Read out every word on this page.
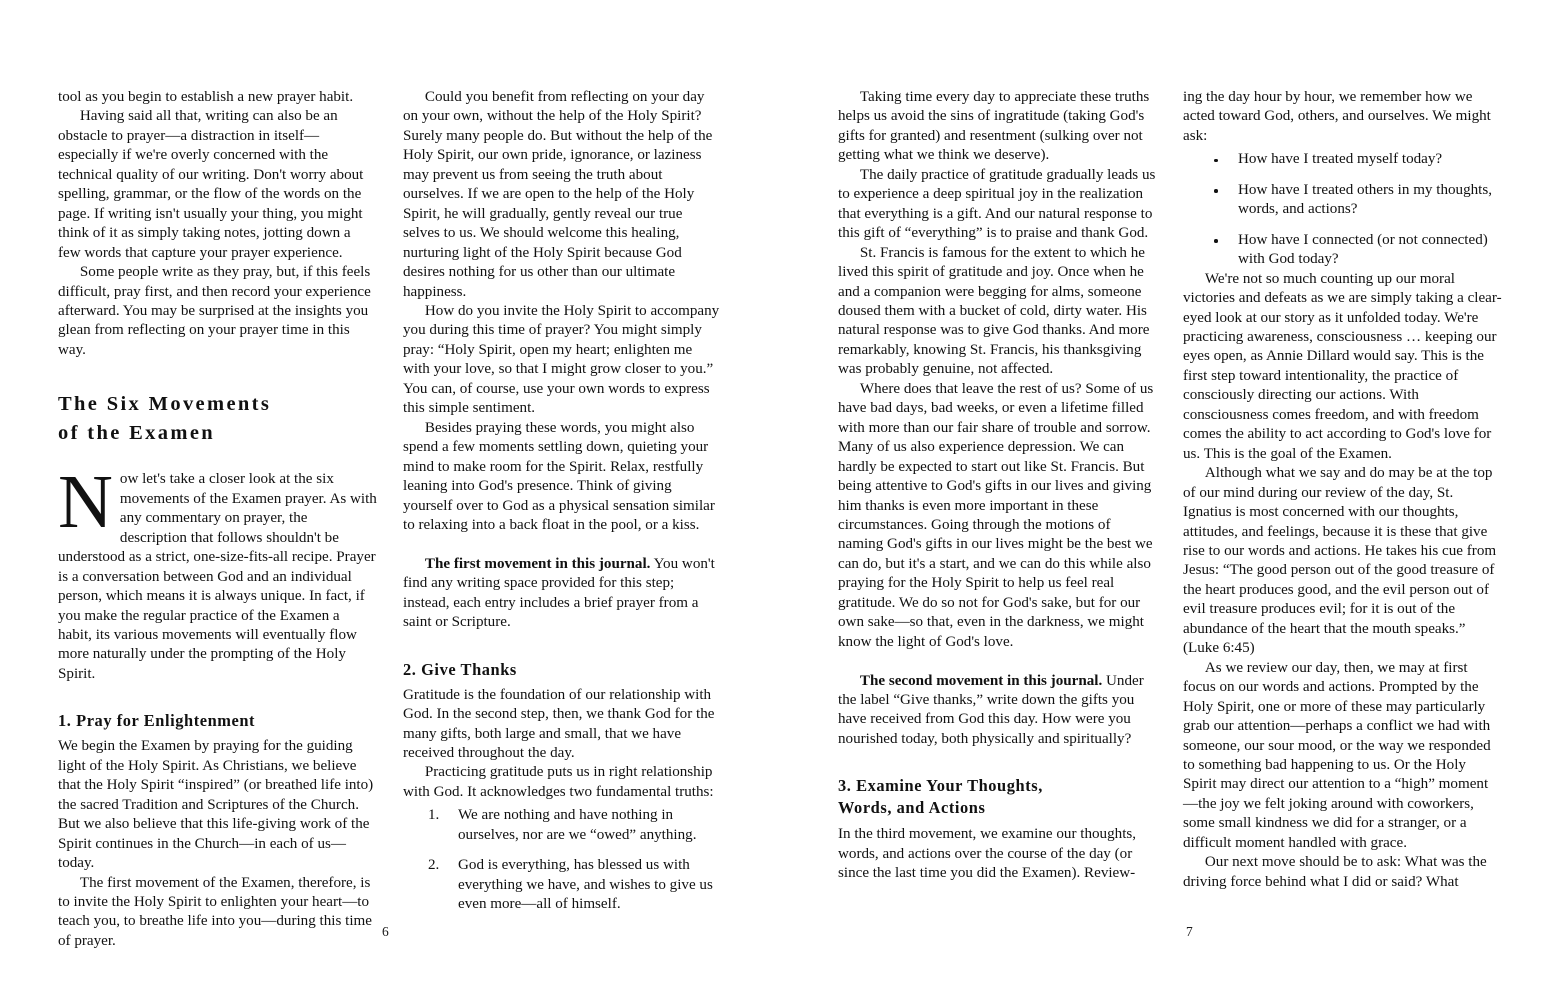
tool as you begin to establish a new prayer habit.

Having said all that, writing can also be an obstacle to prayer—a distraction in itself—especially if we're overly concerned with the technical quality of our writing. Don't worry about spelling, grammar, or the flow of the words on the page. If writing isn't usually your thing, you might think of it as simply taking notes, jotting down a few words that capture your prayer experience.

Some people write as they pray, but, if this feels difficult, pray first, and then record your experience afterward. You may be surprised at the insights you glean from reflecting on your prayer time in this way.

The Six Movements
of the Examen

Now let's take a closer look at the six movements of the Examen prayer. As with any commentary on prayer, the description that follows shouldn't be understood as a strict, one-size-fits-all recipe. Prayer is a conversation between God and an individual person, which means it is always unique. In fact, if you make the regular practice of the Examen a habit, its various movements will eventually flow more naturally under the prompting of the Holy Spirit.

1. Pray for Enlightenment

We begin the Examen by praying for the guiding light of the Holy Spirit. As Christians, we believe that the Holy Spirit “inspired” (or breathed life into) the sacred Tradition and Scriptures of the Church. But we also believe that this life-giving work of the Spirit continues in the Church—in each of us—today.

The first movement of the Examen, therefore, is to invite the Holy Spirit to enlighten your heart—to teach you, to breathe life into you—during this time of prayer.

Could you benefit from reflecting on your day on your own, without the help of the Holy Spirit? Surely many people do. But without the help of the Holy Spirit, our own pride, ignorance, or laziness may prevent us from seeing the truth about ourselves. If we are open to the help of the Holy Spirit, he will gradually, gently reveal our true selves to us. We should welcome this healing, nurturing light of the Holy Spirit because God desires nothing for us other than our ultimate happiness.

How do you invite the Holy Spirit to accompany you during this time of prayer? You might simply pray: “Holy Spirit, open my heart; enlighten me with your love, so that I might grow closer to you.” You can, of course, use your own words to express this simple sentiment.

Besides praying these words, you might also spend a few moments settling down, quieting your mind to make room for the Spirit. Relax, restfully leaning into God's presence. Think of giving yourself over to God as a physical sensation similar to relaxing into a back float in the pool, or a kiss.

The first movement in this journal. You won't find any writing space provided for this step; instead, each entry includes a brief prayer from a saint or Scripture.

2. Give Thanks

Gratitude is the foundation of our relationship with God. In the second step, then, we thank God for the many gifts, both large and small, that we have received throughout the day.

Practicing gratitude puts us in right relationship with God. It acknowledges two fundamental truths:

We are nothing and have nothing in ourselves, nor are we “owed” anything.
God is everything, has blessed us with everything we have, and wishes to give us even more—all of himself.
6

Taking time every day to appreciate these truths helps us avoid the sins of ingratitude (taking God's gifts for granted) and resentment (sulking over not getting what we think we deserve).

The daily practice of gratitude gradually leads us to experience a deep spiritual joy in the realization that everything is a gift. And our natural response to this gift of “everything” is to praise and thank God.

St. Francis is famous for the extent to which he lived this spirit of gratitude and joy. Once when he and a companion were begging for alms, someone doused them with a bucket of cold, dirty water. His natural response was to give God thanks. And more remarkably, knowing St. Francis, his thanksgiving was probably genuine, not affected.

Where does that leave the rest of us? Some of us have bad days, bad weeks, or even a lifetime filled with more than our fair share of trouble and sorrow. Many of us also experience depression. We can hardly be expected to start out like St. Francis. But being attentive to God's gifts in our lives and giving him thanks is even more important in these circumstances. Going through the motions of naming God's gifts in our lives might be the best we can do, but it's a start, and we can do this while also praying for the Holy Spirit to help us feel real gratitude. We do so not for God's sake, but for our own sake—so that, even in the darkness, we might know the light of God's love.

The second movement in this journal. Under the label “Give thanks,” write down the gifts you have received from God this day. How were you nourished today, both physically and spiritually?

3. Examine Your Thoughts,
Words, and Actions

In the third movement, we examine our thoughts, words, and actions over the course of the day (or since the last time you did the Examen). Review-

ing the day hour by hour, we remember how we acted toward God, others, and ourselves. We might ask:

How have I treated myself today?
How have I treated others in my thoughts, words, and actions?
How have I connected (or not connected) with God today?

We're not so much counting up our moral victories and defeats as we are simply taking a clear-eyed look at our story as it unfolded today. We're practicing awareness, consciousness … keeping our eyes open, as Annie Dillard would say. This is the first step toward intentionality, the practice of consciously directing our actions. With consciousness comes freedom, and with freedom comes the ability to act according to God's love for us. This is the goal of the Examen.

Although what we say and do may be at the top of our mind during our review of the day, St. Ignatius is most concerned with our thoughts, attitudes, and feelings, because it is these that give rise to our words and actions. He takes his cue from Jesus: “The good person out of the good treasure of the heart produces good, and the evil person out of evil treasure produces evil; for it is out of the abundance of the heart that the mouth speaks.” (Luke 6:45)

As we review our day, then, we may at first focus on our words and actions. Prompted by the Holy Spirit, one or more of these may particularly grab our attention—perhaps a conflict we had with someone, our sour mood, or the way we responded to something bad happening to us. Or the Holy Spirit may direct our attention to a “high” moment—the joy we felt joking around with coworkers, some small kindness we did for a stranger, or a difficult moment handled with grace.

Our next move should be to ask: What was the driving force behind what I did or said? What

7
